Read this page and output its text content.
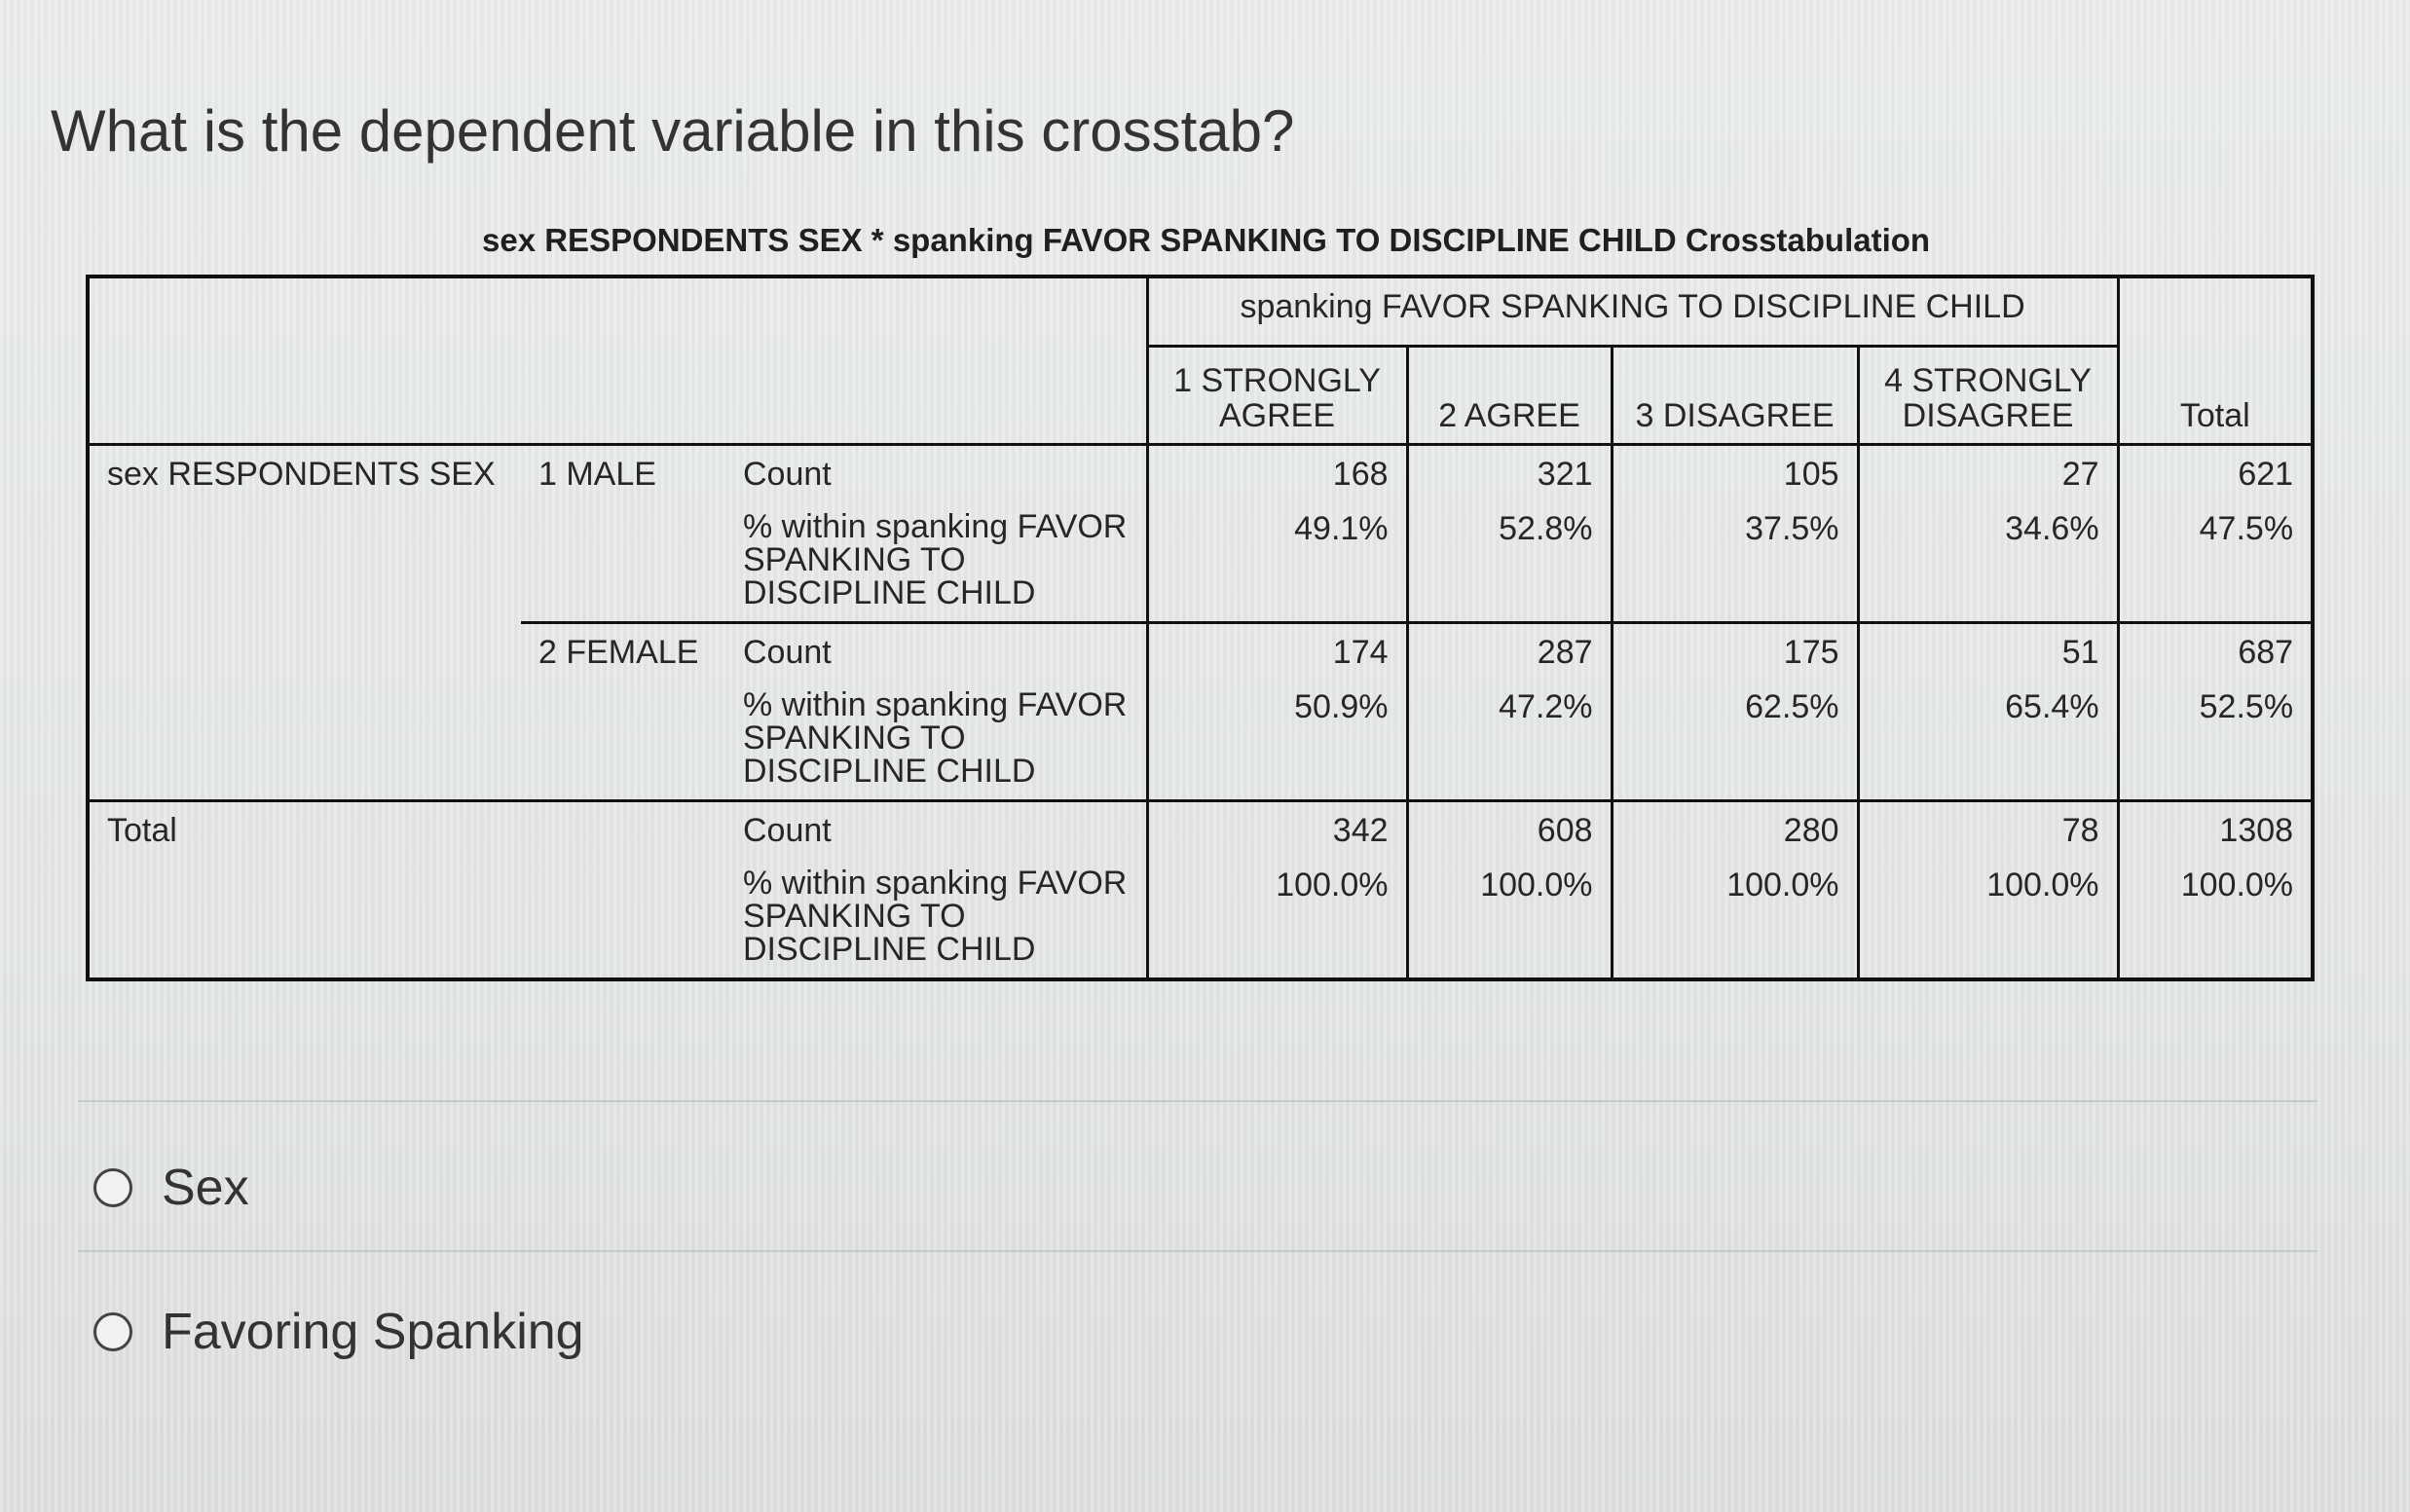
What is the dependent variable in this crosstab?
sex RESPONDENTS SEX * spanking FAVOR SPANKING TO DISCIPLINE CHILD Crosstabulation
			spanking FAVOR SPANKING TO DISCIPLINE CHILD				Total
			1 STRONGLY AGREE	2 AGREE	3 DISAGREE	4 STRONGLY DISAGREE	
sex RESPONDENTS SEX	1 MALE	Count	168	321	105	27	621
		% within spanking FAVOR SPANKING TO DISCIPLINE CHILD	49.1%	52.8%	37.5%	34.6%	47.5%
	2 FEMALE	Count	174	287	175	51	687
		% within spanking FAVOR SPANKING TO DISCIPLINE CHILD	50.9%	47.2%	62.5%	65.4%	52.5%
Total		Count	342	608	280	78	1308
		% within spanking FAVOR SPANKING TO DISCIPLINE CHILD	100.0%	100.0%	100.0%	100.0%	100.0%
Sex
Favoring Spanking
